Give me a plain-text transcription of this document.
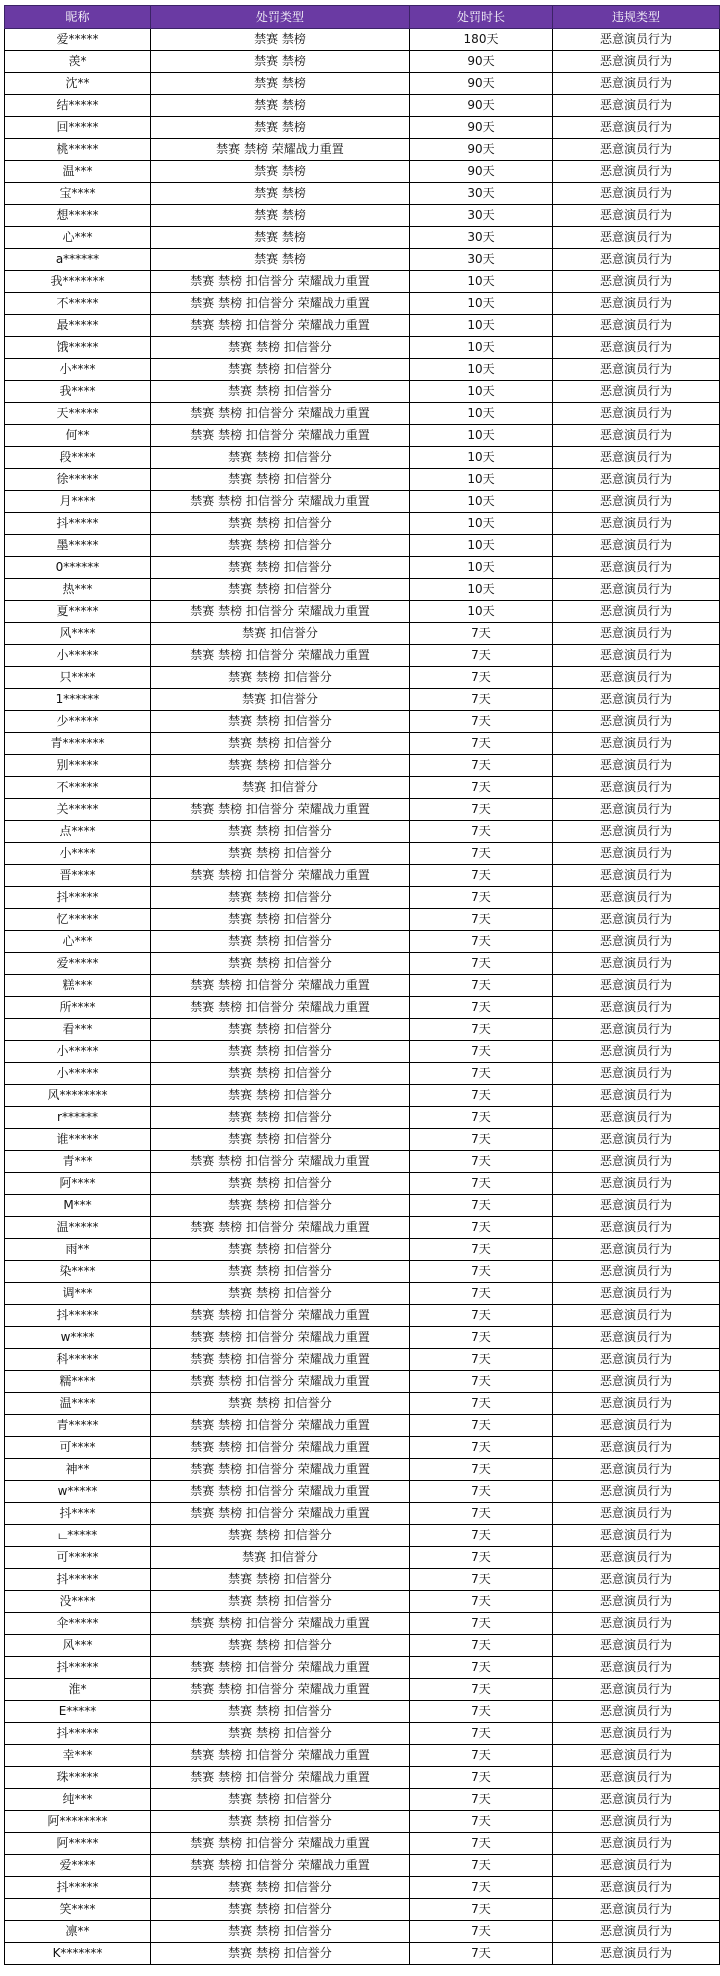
昵称	处罚类型	处罚时长	违规类型
爱*****	禁赛 禁榜	180天	恶意演员行为
羡*	禁赛 禁榜	90天	恶意演员行为
沈**	禁赛 禁榜	90天	恶意演员行为
结*****	禁赛 禁榜	90天	恶意演员行为
回*****	禁赛 禁榜	90天	恶意演员行为
桃*****	禁赛 禁榜 荣耀战力重置	90天	恶意演员行为
温***	禁赛 禁榜	90天	恶意演员行为
宝****	禁赛 禁榜	30天	恶意演员行为
想*****	禁赛 禁榜	30天	恶意演员行为
心***	禁赛 禁榜	30天	恶意演员行为
a******	禁赛 禁榜	30天	恶意演员行为
我*******	禁赛 禁榜 扣信誉分 荣耀战力重置	10天	恶意演员行为
不*****	禁赛 禁榜 扣信誉分 荣耀战力重置	10天	恶意演员行为
最*****	禁赛 禁榜 扣信誉分 荣耀战力重置	10天	恶意演员行为
饿*****	禁赛 禁榜 扣信誉分	10天	恶意演员行为
小****	禁赛 禁榜 扣信誉分	10天	恶意演员行为
我****	禁赛 禁榜 扣信誉分	10天	恶意演员行为
天*****	禁赛 禁榜 扣信誉分 荣耀战力重置	10天	恶意演员行为
何**	禁赛 禁榜 扣信誉分 荣耀战力重置	10天	恶意演员行为
段****	禁赛 禁榜 扣信誉分	10天	恶意演员行为
徐*****	禁赛 禁榜 扣信誉分	10天	恶意演员行为
月****	禁赛 禁榜 扣信誉分 荣耀战力重置	10天	恶意演员行为
抖*****	禁赛 禁榜 扣信誉分	10天	恶意演员行为
墨*****	禁赛 禁榜 扣信誉分	10天	恶意演员行为
0******	禁赛 禁榜 扣信誉分	10天	恶意演员行为
热***	禁赛 禁榜 扣信誉分	10天	恶意演员行为
夏*****	禁赛 禁榜 扣信誉分 荣耀战力重置	10天	恶意演员行为
风****	禁赛 扣信誉分	7天	恶意演员行为
小*****	禁赛 禁榜 扣信誉分 荣耀战力重置	7天	恶意演员行为
只****	禁赛 禁榜 扣信誉分	7天	恶意演员行为
1******	禁赛 扣信誉分	7天	恶意演员行为
少*****	禁赛 禁榜 扣信誉分	7天	恶意演员行为
青*******	禁赛 禁榜 扣信誉分	7天	恶意演员行为
别*****	禁赛 禁榜 扣信誉分	7天	恶意演员行为
不*****	禁赛 扣信誉分	7天	恶意演员行为
关*****	禁赛 禁榜 扣信誉分 荣耀战力重置	7天	恶意演员行为
点****	禁赛 禁榜 扣信誉分	7天	恶意演员行为
小****	禁赛 禁榜 扣信誉分	7天	恶意演员行为
晋****	禁赛 禁榜 扣信誉分 荣耀战力重置	7天	恶意演员行为
抖*****	禁赛 禁榜 扣信誉分	7天	恶意演员行为
忆*****	禁赛 禁榜 扣信誉分	7天	恶意演员行为
心***	禁赛 禁榜 扣信誉分	7天	恶意演员行为
爱*****	禁赛 禁榜 扣信誉分	7天	恶意演员行为
糕***	禁赛 禁榜 扣信誉分 荣耀战力重置	7天	恶意演员行为
所****	禁赛 禁榜 扣信誉分 荣耀战力重置	7天	恶意演员行为
看***	禁赛 禁榜 扣信誉分	7天	恶意演员行为
小*****	禁赛 禁榜 扣信誉分	7天	恶意演员行为
小*****	禁赛 禁榜 扣信誉分	7天	恶意演员行为
风********	禁赛 禁榜 扣信誉分	7天	恶意演员行为
r******	禁赛 禁榜 扣信誉分	7天	恶意演员行为
谁*****	禁赛 禁榜 扣信誉分	7天	恶意演员行为
青***	禁赛 禁榜 扣信誉分 荣耀战力重置	7天	恶意演员行为
阿****	禁赛 禁榜 扣信誉分	7天	恶意演员行为
M***	禁赛 禁榜 扣信誉分	7天	恶意演员行为
温*****	禁赛 禁榜 扣信誉分 荣耀战力重置	7天	恶意演员行为
雨**	禁赛 禁榜 扣信誉分	7天	恶意演员行为
染****	禁赛 禁榜 扣信誉分	7天	恶意演员行为
调***	禁赛 禁榜 扣信誉分	7天	恶意演员行为
抖*****	禁赛 禁榜 扣信誉分 荣耀战力重置	7天	恶意演员行为
w****	禁赛 禁榜 扣信誉分 荣耀战力重置	7天	恶意演员行为
科*****	禁赛 禁榜 扣信誉分 荣耀战力重置	7天	恶意演员行为
糯****	禁赛 禁榜 扣信誉分 荣耀战力重置	7天	恶意演员行为
温****	禁赛 禁榜 扣信誉分	7天	恶意演员行为
青*****	禁赛 禁榜 扣信誉分 荣耀战力重置	7天	恶意演员行为
可****	禁赛 禁榜 扣信誉分 荣耀战力重置	7天	恶意演员行为
神**	禁赛 禁榜 扣信誉分 荣耀战力重置	7天	恶意演员行为
w*****	禁赛 禁榜 扣信誉分 荣耀战力重置	7天	恶意演员行为
抖****	禁赛 禁榜 扣信誉分 荣耀战力重置	7天	恶意演员行为
ட*****	禁赛 禁榜 扣信誉分	7天	恶意演员行为
可*****	禁赛 扣信誉分	7天	恶意演员行为
抖*****	禁赛 禁榜 扣信誉分	7天	恶意演员行为
没****	禁赛 禁榜 扣信誉分	7天	恶意演员行为
伞*****	禁赛 禁榜 扣信誉分 荣耀战力重置	7天	恶意演员行为
风***	禁赛 禁榜 扣信誉分	7天	恶意演员行为
抖*****	禁赛 禁榜 扣信誉分 荣耀战力重置	7天	恶意演员行为
淮*	禁赛 禁榜 扣信誉分 荣耀战力重置	7天	恶意演员行为
E*****	禁赛 禁榜 扣信誉分	7天	恶意演员行为
抖*****	禁赛 禁榜 扣信誉分	7天	恶意演员行为
幸***	禁赛 禁榜 扣信誉分 荣耀战力重置	7天	恶意演员行为
珠*****	禁赛 禁榜 扣信誉分 荣耀战力重置	7天	恶意演员行为
纯***	禁赛 禁榜 扣信誉分	7天	恶意演员行为
阿********	禁赛 禁榜 扣信誉分	7天	恶意演员行为
阿*****	禁赛 禁榜 扣信誉分 荣耀战力重置	7天	恶意演员行为
爱****	禁赛 禁榜 扣信誉分 荣耀战力重置	7天	恶意演员行为
抖*****	禁赛 禁榜 扣信誉分	7天	恶意演员行为
笑****	禁赛 禁榜 扣信誉分	7天	恶意演员行为
凛**	禁赛 禁榜 扣信誉分	7天	恶意演员行为
K*******	禁赛 禁榜 扣信誉分	7天	恶意演员行为
